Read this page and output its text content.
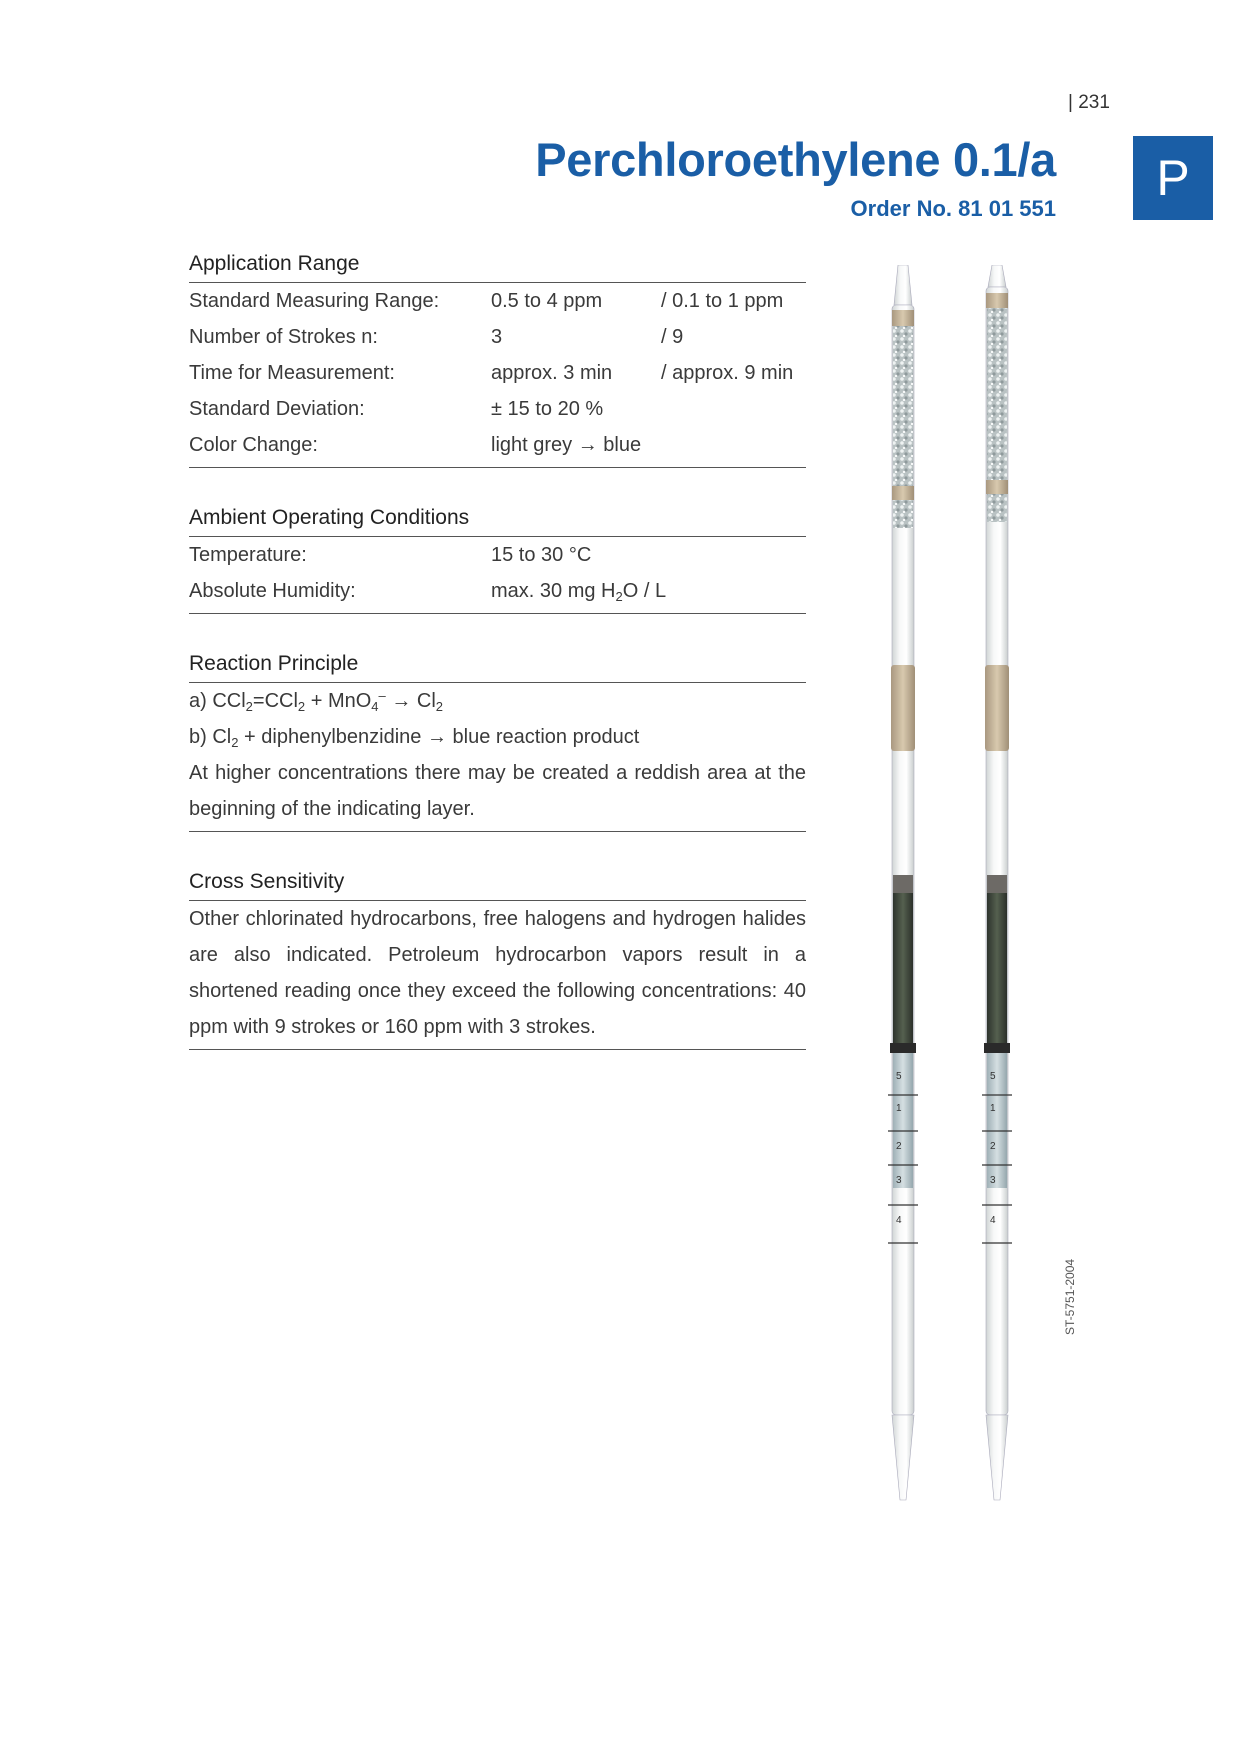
| 231
Perchloroethylene 0.1/a
Order No. 81 01 551
P
Application Range
Standard Measuring Range:	0.5 to 4 ppm	/ 0.1 to 1 ppm
Number of Strokes n:	3	/ 9
Time for Measurement:	approx. 3 min	/ approx. 9 min
Standard Deviation:	± 15 to 20 %
Color Change:	light grey → blue
Ambient Operating Conditions
Temperature:	15 to 30 °C
Absolute Humidity:	max. 30 mg $H_2O$ / L
Reaction Principle
a) $CCl_2=CCl_2 + MnO_4^- \to Cl_2$
b) $Cl_2$ + diphenylbenzidine → blue reaction product
At higher concentrations there may be created a reddish area at the beginning of the indicating layer.
Cross Sensitivity
Other chlorinated hydrocarbons, free halogens and hydrogen halides are also indicated. Petroleum hydrocarbon vapors result in a shortened reading once they exceed the following concentrations: 40 ppm with 9 strokes or 160 ppm with 3 strokes.
5
1
2
3
4
5
1
2
3
4
ST-5751-2004
